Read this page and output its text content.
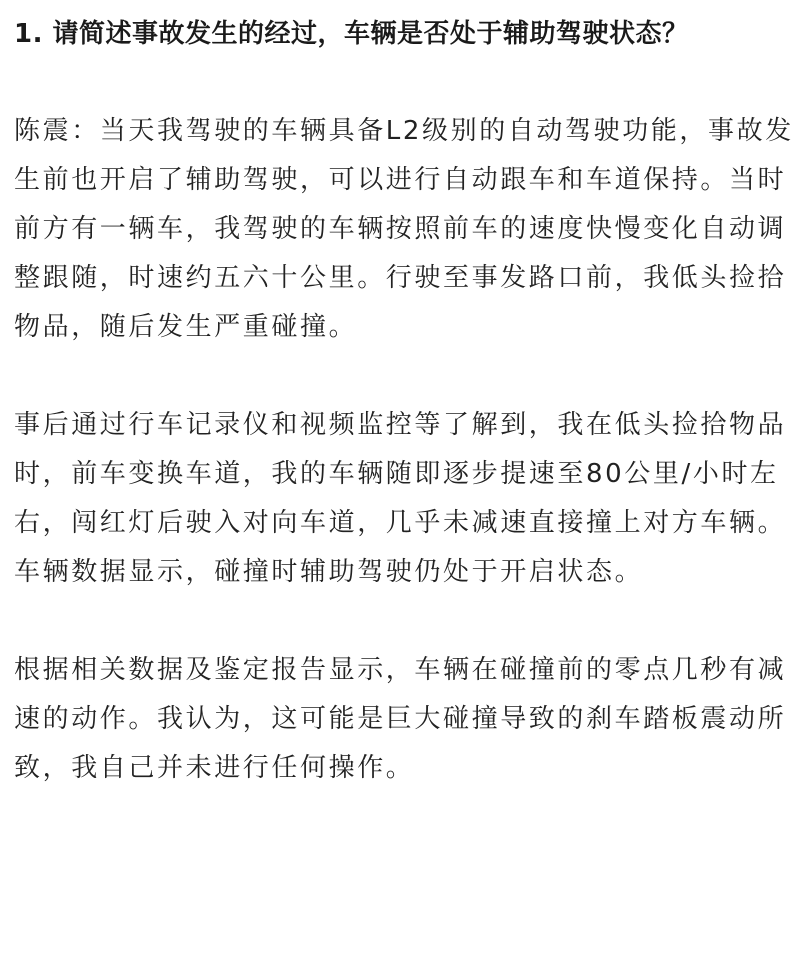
1. 请简述事故发生的经过，车辆是否处于辅助驾驶状态？

陈震：当天我驾驶的车辆具备L2级别的自动驾驶功能，事故发生前也开启了辅助驾驶，可以进行自动跟车和车道保持。当时前方有一辆车，我驾驶的车辆按照前车的速度快慢变化自动调整跟随，时速约五六十公里。行驶至事发路口前，我低头捡拾物品，随后发生严重碰撞。

事后通过行车记录仪和视频监控等了解到，我在低头捡拾物品时，前车变换车道，我的车辆随即逐步提速至80公里/小时左右，闯红灯后驶入对向车道，几乎未减速直接撞上对方车辆。车辆数据显示，碰撞时辅助驾驶仍处于开启状态。

根据相关数据及鉴定报告显示，车辆在碰撞前的零点几秒有减速的动作。我认为，这可能是巨大碰撞导致的刹车踏板震动所致，我自己并未进行任何操作。
